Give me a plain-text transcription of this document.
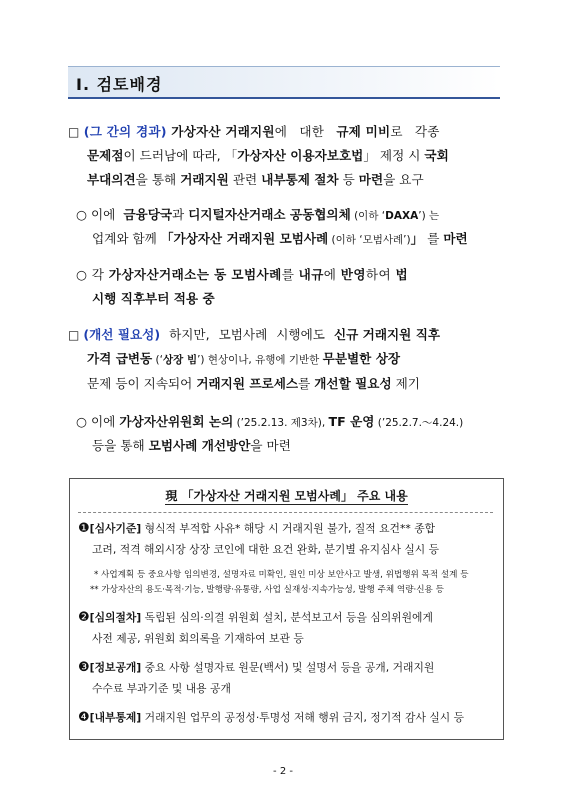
Ⅰ. 검토배경
□ (그 간의 경과) 가상자산 거래지원에 대한 규제 미비로 각종
문제점이 드러남에 따라, 「가상자산 이용자보호법」 제정 시 국회
부대의견을 통해 거래지원 관련 내부통제 절차 등 마련을 요구
○ 이에 금융당국과 디지털자산거래소 공동협의체 (이하 ‘DAXA’) 는
업계와 함께 「가상자산 거래지원 모범사례 (이하 ‘모범사례’)」 를 마련
○ 각 가상자산거래소는 동 모범사례를 내규에 반영하여 법
시행 직후부터 적용 중
□ (개선 필요성) 하지만, 모범사례 시행에도 신규 거래지원 직후
가격 급변동 (‘상장 빔’) 현상이나, 유행에 기반한 무분별한 상장
문제 등이 지속되어 거래지원 프로세스를 개선할 필요성 제기
○ 이에 가상자산위원회 논의 (’25.2.13. 제3차), TF 운영 (’25.2.7.～4.24.)
등을 통해 모범사례 개선방안을 마련
現 「가상자산 거래지원 모범사례」 주요 내용
❶[심사기준] 형식적 부적합 사유* 해당 시 거래지원 불가, 질적 요건** 종합
고려, 적격 해외시장 상장 코인에 대한 요건 완화, 분기별 유지심사 실시 등
* 사업계획 등 중요사항 임의변경, 설명자료 미확인, 원인 미상 보안사고 발생, 위법행위 목적 설계 등
** 가상자산의 용도·목적·기능, 발행량·유통량, 사업 실재성·지속가능성, 발행 주체 역량·신용 등
❷[심의절차] 독립된 심의·의결 위원회 설치, 분석보고서 등을 심의위원에게
사전 제공, 위원회 회의록을 기재하여 보관 등
❸[정보공개] 중요 사항 설명자료 원문(백서) 및 설명서 등을 공개, 거래지원
수수료 부과기준 및 내용 공개
❹[내부통제] 거래지원 업무의 공정성·투명성 저해 행위 금지, 정기적 감사 실시 등
- 2 -
